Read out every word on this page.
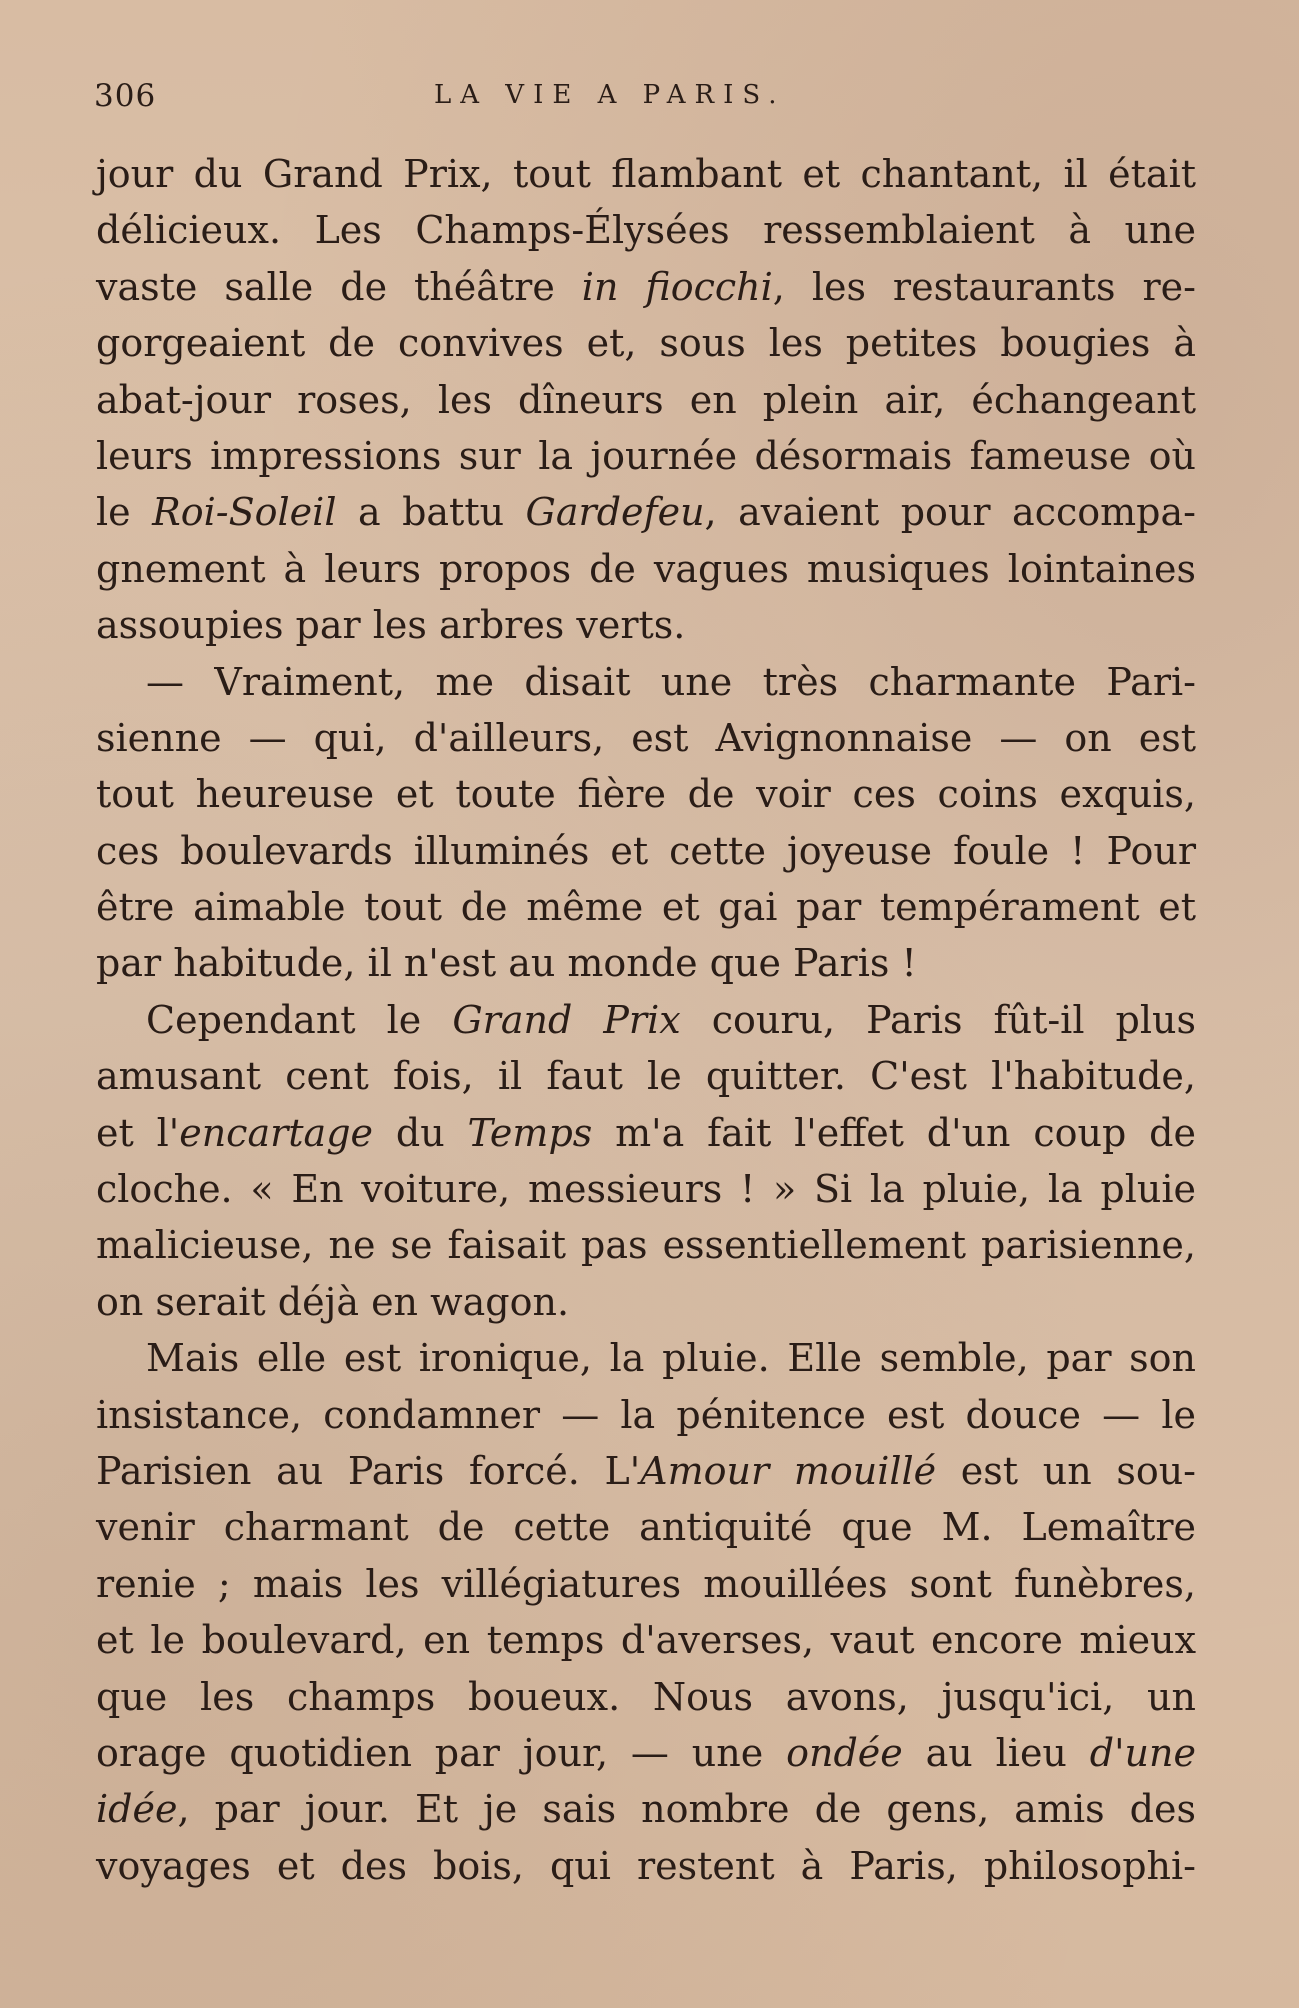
306	LA VIE A PARIS.
jour du Grand Prix, tout flambant et chantant, il était
délicieux. Les Champs-Élysées ressemblaient à une
vaste salle de théâtre in fiocchi, les restaurants re-
gorgeaient de convives et, sous les petites bougies à
abat-jour roses, les dîneurs en plein air, échangeant
leurs impressions sur la journée désormais fameuse où
le Roi-Soleil a battu Gardefeu, avaient pour accompa-
gnement à leurs propos de vagues musiques lointaines
assoupies par les arbres verts.
— Vraiment, me disait une très charmante Pari-
sienne — qui, d'ailleurs, est Avignonnaise — on est
tout heureuse et toute fière de voir ces coins exquis,
ces boulevards illuminés et cette joyeuse foule ! Pour
être aimable tout de même et gai par tempérament et
par habitude, il n'est au monde que Paris !
Cependant le Grand Prix couru, Paris fût-il plus
amusant cent fois, il faut le quitter. C'est l'habitude,
et l'encartage du Temps m'a fait l'effet d'un coup de
cloche. « En voiture, messieurs ! » Si la pluie, la pluie
malicieuse, ne se faisait pas essentiellement parisienne,
on serait déjà en wagon.
Mais elle est ironique, la pluie. Elle semble, par son
insistance, condamner — la pénitence est douce — le
Parisien au Paris forcé. L'Amour mouillé est un sou-
venir charmant de cette antiquité que M. Lemaître
renie ; mais les villégiatures mouillées sont funèbres,
et le boulevard, en temps d'averses, vaut encore mieux
que les champs boueux. Nous avons, jusqu'ici, un
orage quotidien par jour, — une ondée au lieu d'une
idée, par jour. Et je sais nombre de gens, amis des
voyages et des bois, qui restent à Paris, philosophi-
